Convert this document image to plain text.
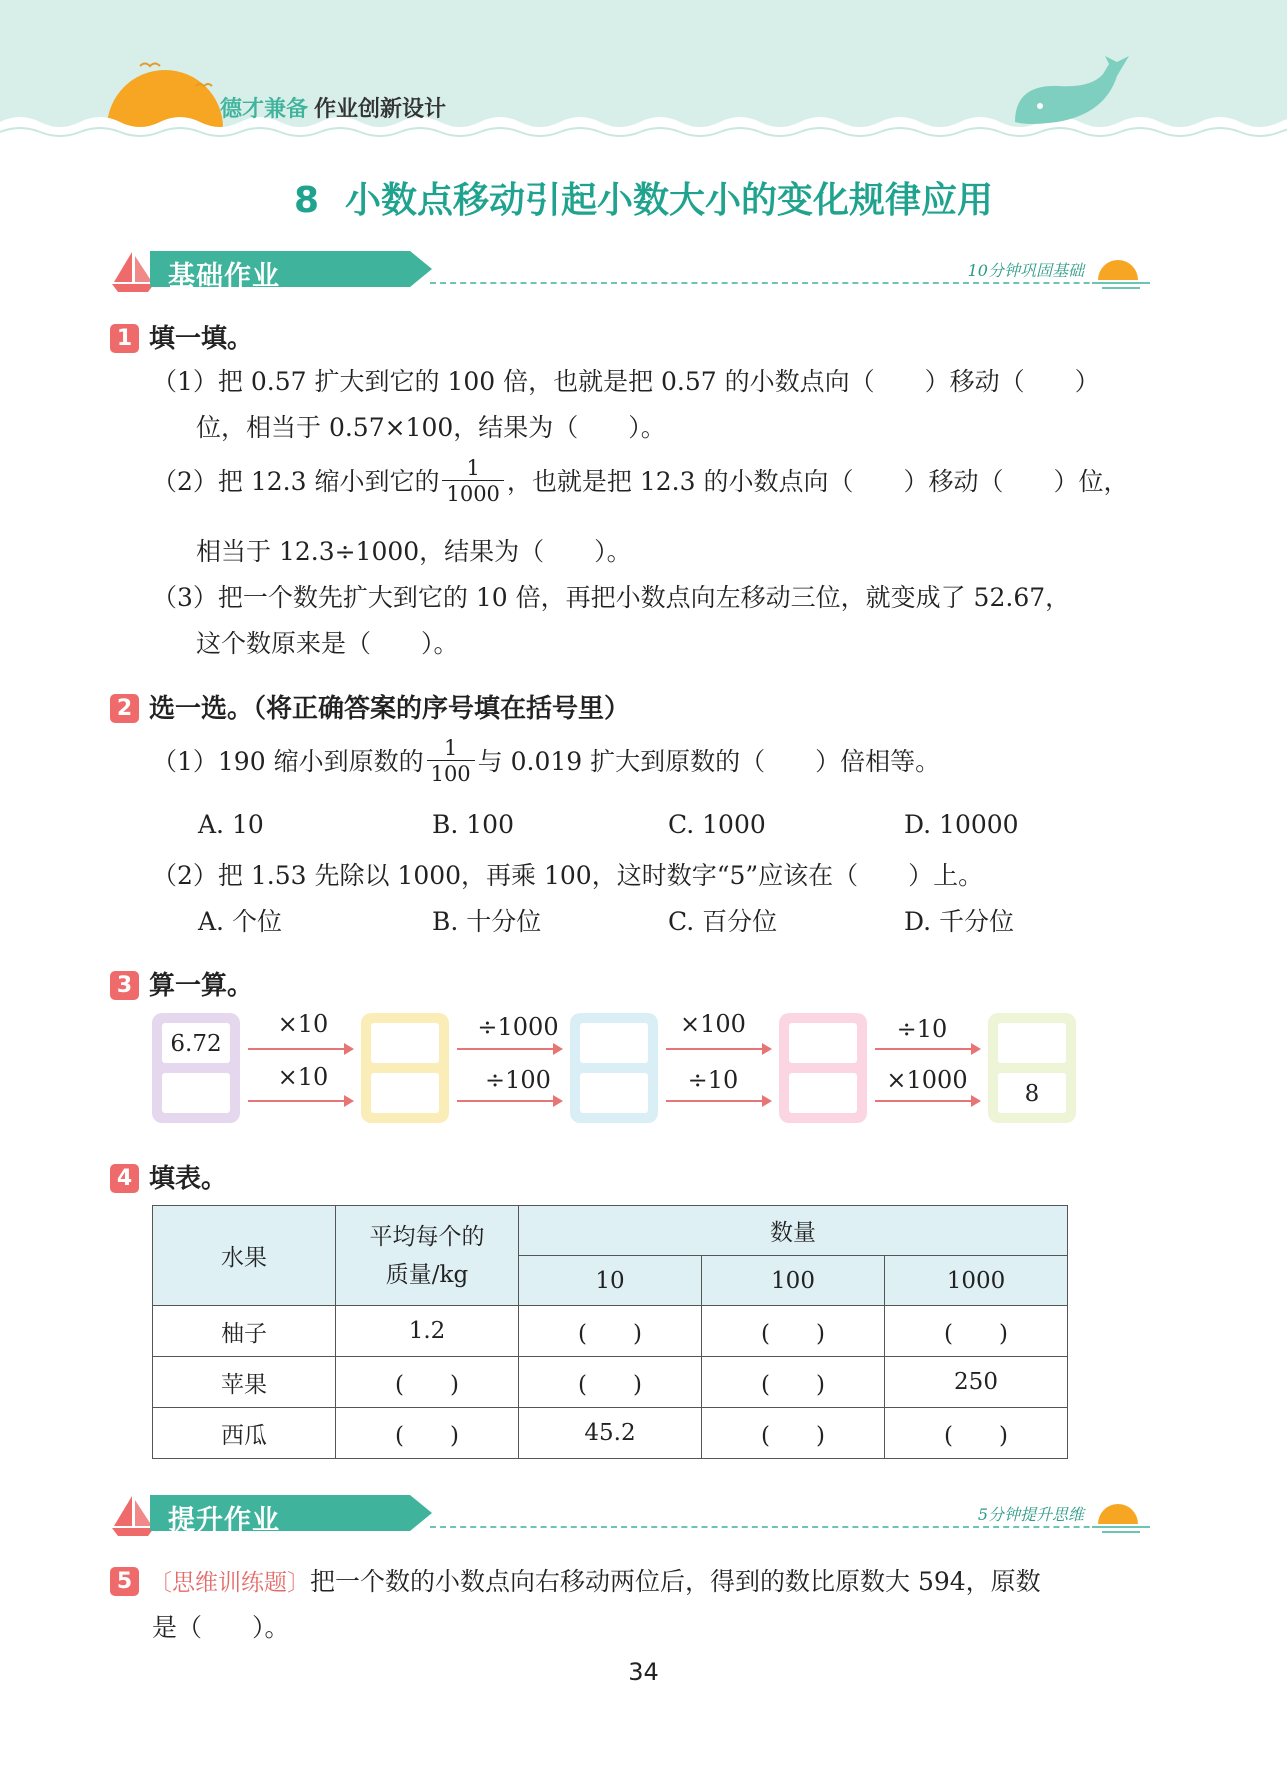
德才兼备 作业创新设计
8 小数点移动引起小数大小的变化规律应用
基础作业	10分钟巩固基础
1 填一填。
（1）把 0.57 扩大到它的 100 倍，也就是把 0.57 的小数点向（　　）移动（　　）
位，相当于 0.57×100，结果为（　　）。
（2）把 12.3 缩小到它的 $\frac{1}{1000}$ ，也就是把 12.3 的小数点向（　　）移动（　　）位，
相当于 12.3÷1000，结果为（　　）。
（3）把一个数先扩大到它的 10 倍，再把小数点向左移动三位，就变成了 52.67，
这个数原来是（　　）。
2 选一选。（将正确答案的序号填在括号里）
（1）190 缩小到原数的 $\frac{1}{100}$ 与 0.019 扩大到原数的（　　）倍相等。
A. 10	B. 100	C. 1000	D. 10000
（2）把 1.53 先除以 1000，再乘 100，这时数字“5”应该在（　　）上。
A. 个位	B. 十分位	C. 百分位	D. 千分位
3 算一算。
6.72
8
×10
×10
÷1000
÷100
×100
÷10
÷10
×1000
4 填表。
水果	平均每个的
质量/kg	数量		
		10	100	1000
柚子	1.2	(　　)	(　　)	(　　)
苹果	(　　)	(　　)	(　　)	250
西瓜	(　　)	45.2	(　　)	(　　)
提升作业	5分钟提升思维
5 〔思维训练题〕把一个数的小数点向右移动两位后，得到的数比原数大 594，原数
是（　　）。
34
